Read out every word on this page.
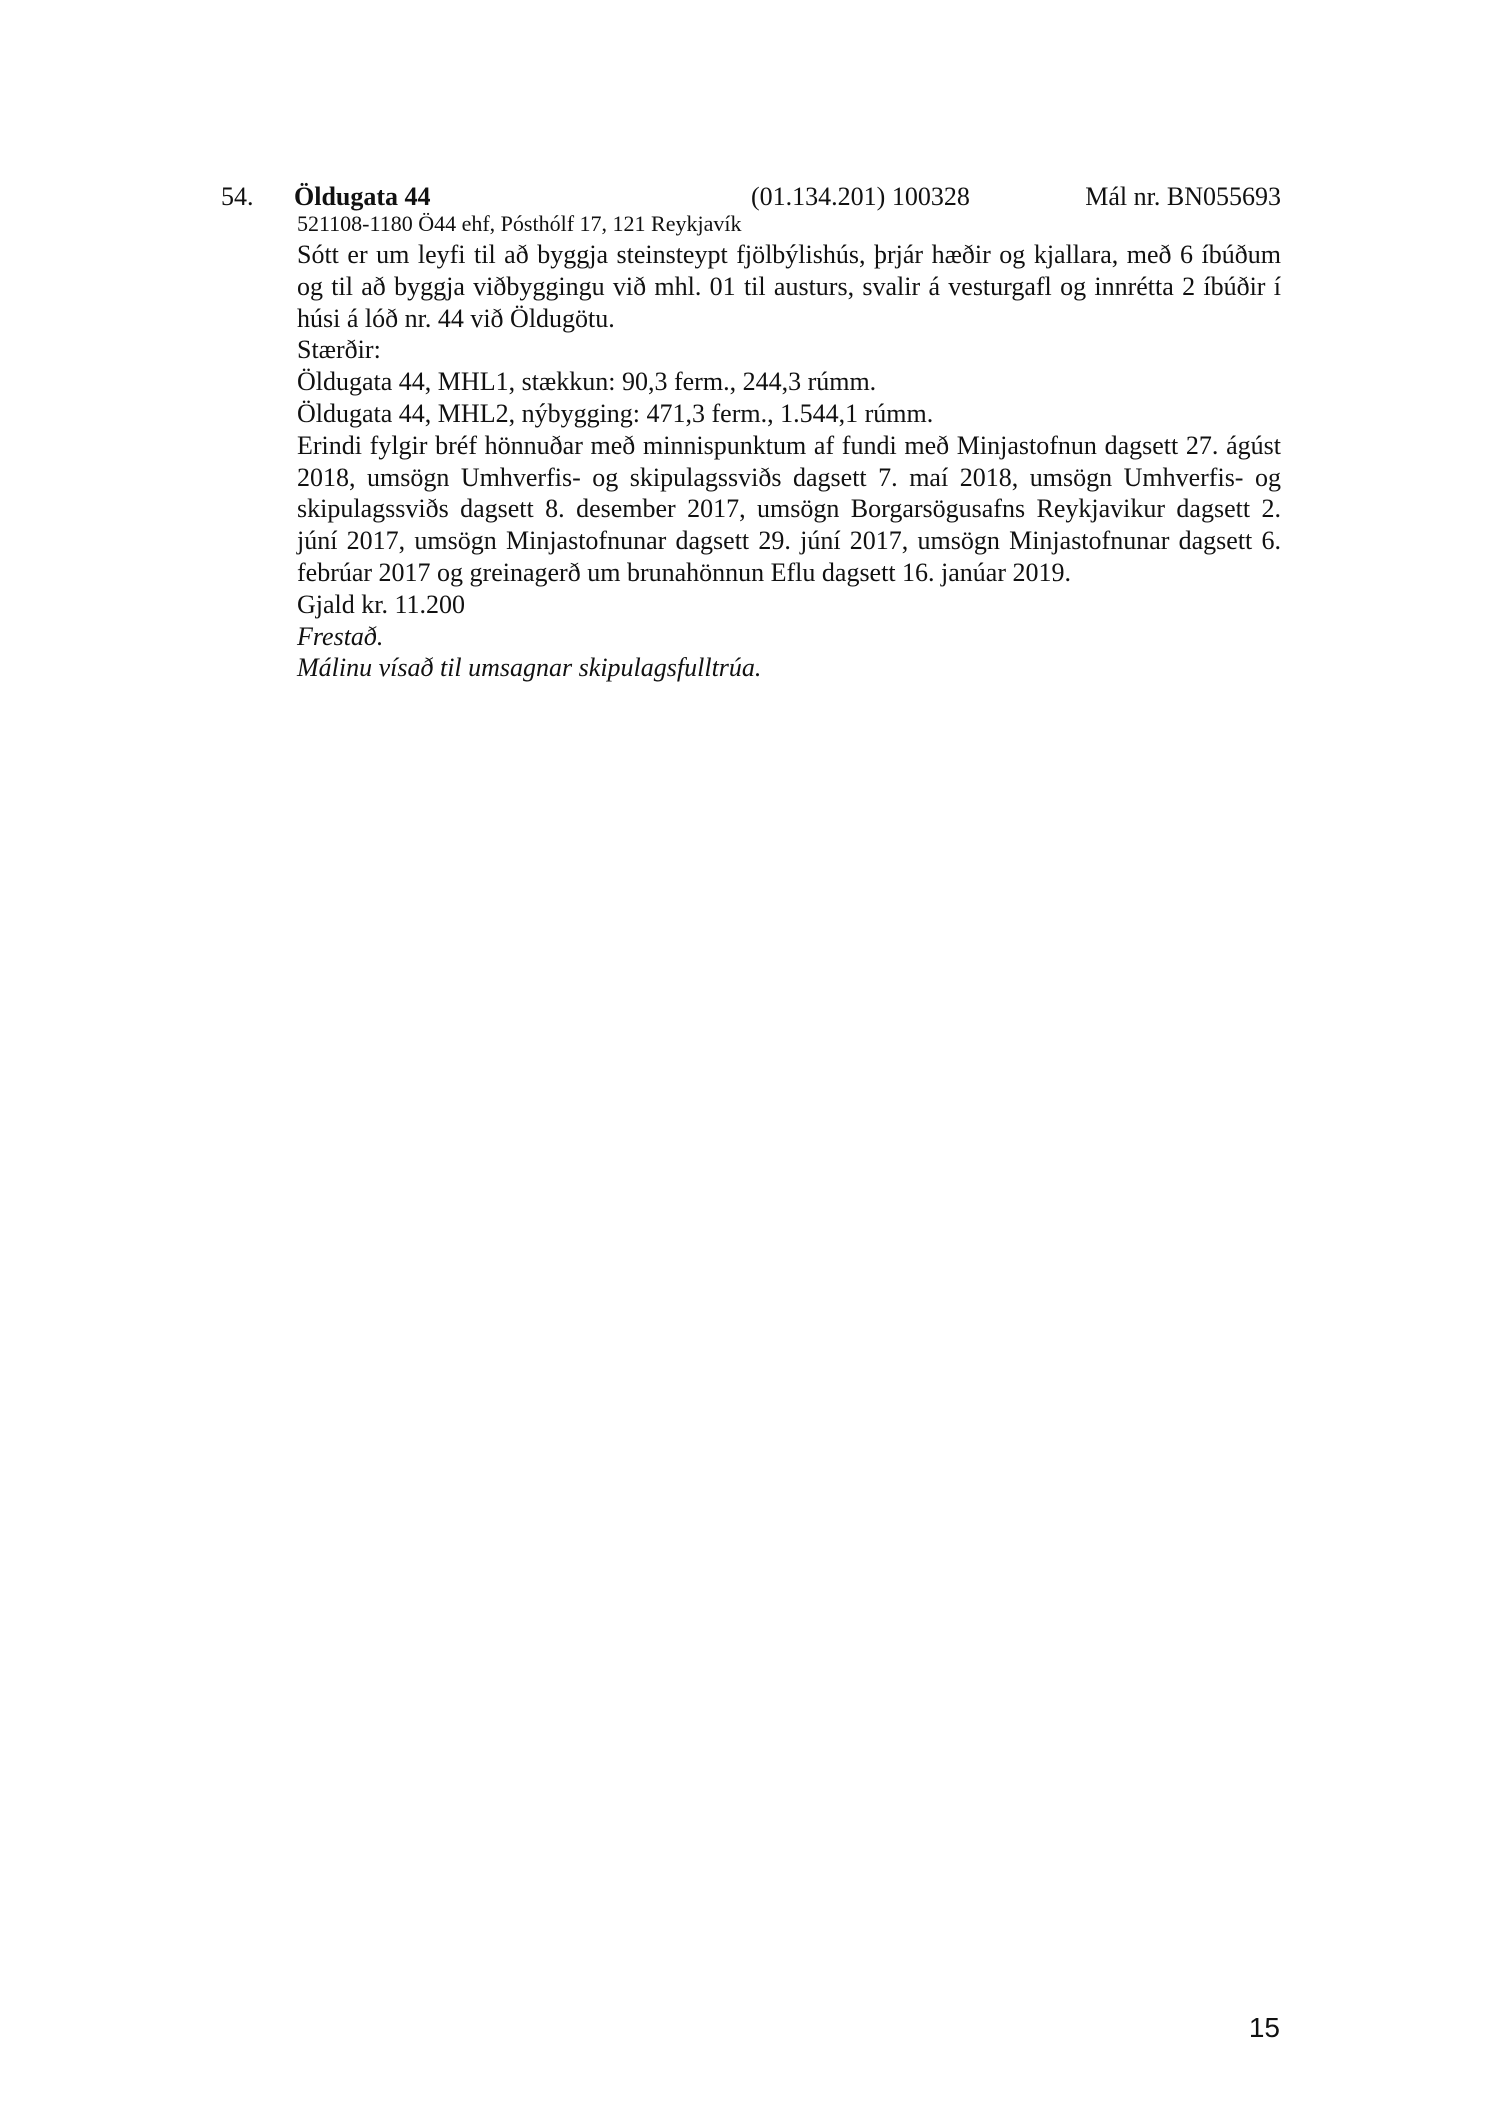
54. Öldugata 44	(01.134.201) 100328	Mál nr. BN055693
521108-1180 Ö44 ehf, Pósthólf 17, 121 Reykjavík
Sótt er um leyfi til að byggja steinsteypt fjölbýlishús, þrjár hæðir og kjallara, með 6 íbúðum og til að byggja viðbyggingu við mhl. 01 til austurs, svalir á vesturgafl og innrétta 2 íbúðir í húsi á lóð nr. 44 við Öldugötu.
Stærðir:
Öldugata 44, MHL1, stækkun: 90,3 ferm., 244,3 rúmm.
Öldugata 44, MHL2, nýbygging: 471,3 ferm., 1.544,1 rúmm.
Erindi fylgir bréf hönnuðar með minnispunktum af fundi með Minjastofnun dagsett 27. ágúst 2018, umsögn Umhverfis- og skipulagssviðs dagsett 7. maí 2018, umsögn Umhverfis- og skipulagssviðs dagsett 8. desember 2017, umsögn Borgarsögusafns Reykjavikur dagsett 2. júní 2017, umsögn Minjastofnunar dagsett 29. júní 2017, umsögn Minjastofnunar dagsett 6. febrúar 2017 og greinagerð um brunahönnun Eflu dagsett 16. janúar 2019.
Gjald kr. 11.200
Frestað.
Málinu vísað til umsagnar skipulagsfulltrúa.
15
